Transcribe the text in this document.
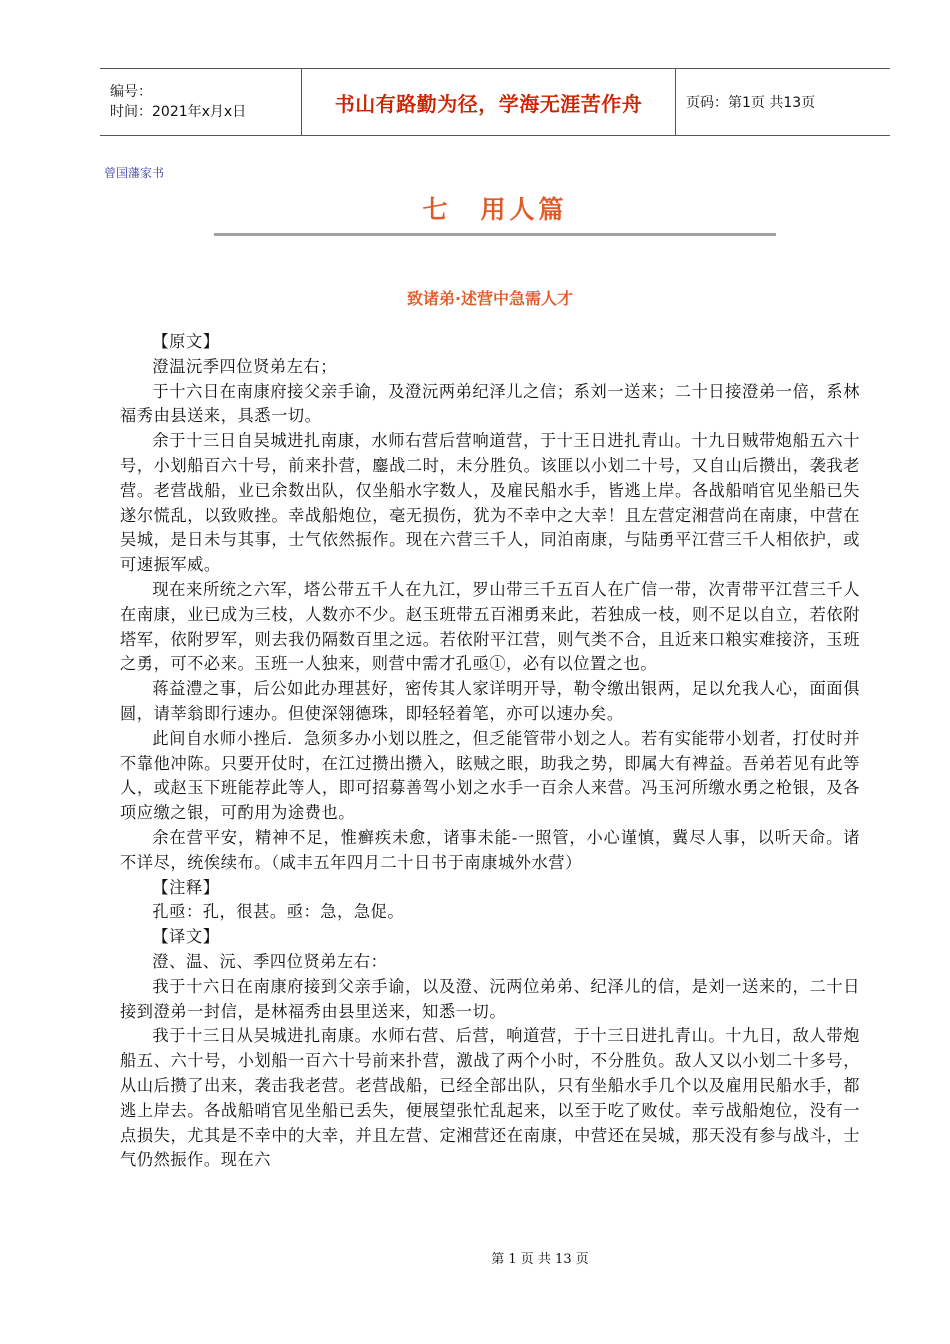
编号：
时间：2021年x月x日	书山有路勤为径，学海无涯苦作舟	页码：第1页 共13页
曾国藩家书
七　用人篇
致诸弟·述营中急需人才

【原文】

澄温沅季四位贤弟左右；

于十六日在南康府接父亲手谕，及澄沅两弟纪泽儿之信；系刘一送来；二十日接澄弟一倍，系林福秀由县送来，具悉一切。

余于十三日自吴城进扎南康，水师右营后营响道营，于十王日进扎青山。十九日贼带炮船五六十号，小划船百六十号，前来扑营，鏖战二时，未分胜负。该匪以小划二十号，又自山后攒出，袭我老营。老营战船，业已余数出队，仅坐船水字数人，及雇民船水手，皆逃上岸。各战船哨官见坐船已失遂尔慌乱，以致败挫。幸战船炮位，毫无损伤，犹为不幸中之大幸！且左营定湘营尚在南康，中营在吴城，是日未与其事，士气依然振作。现在六营三千人，同泊南康，与陆勇平江营三千人相依护，或可速振军威。

现在来所统之六军，塔公带五千人在九江，罗山带三千五百人在广信一带，次青带平江营三千人在南康，业已成为三枝，人数亦不少。赵玉班带五百湘勇来此，若独成一枝，则不足以自立，若依附塔军，依附罗军，则去我仍隔数百里之远。若依附平江营，则气类不合，且近来口粮实难接济，玉班之勇，可不必来。玉班一人独来，则营中需才孔亟①，必有以位置之也。

蒋益澧之事，后公如此办理甚好，密传其人家详明开导，勒令缴出银两，足以允我人心，面面俱圆，请莘翁即行速办。但使深翎德珠，即轻轻着笔，亦可以速办矣。

此间自水师小挫后．急须多办小划以胜之，但乏能管带小划之人。若有实能带小划者，打仗时并不靠他冲陈。只要开仗时，在江过攒出攒入，眩贼之眼，助我之势，即属大有裨益。吾弟若见有此等人，或赵玉下班能荐此等人，即可招募善驾小划之水手一百余人来营。冯玉河所缴水勇之枪银，及各项应缴之银，可酌用为途费也。

余在营平安，精神不足，惟癣疾未愈，诸事未能-一照管，小心谨慎，冀尽人事，以听天命。诸不详尽，统俟续布。（咸丰五年四月二十日书于南康城外水营）

【注释】

孔亟：孔，很甚。亟：急，急促。

【译文】

澄、温、沅、季四位贤弟左右：

我于十六日在南康府接到父亲手谕，以及澄、沅两位弟弟、纪泽儿的信，是刘一送来的，二十日接到澄弟一封信，是林福秀由县里送来，知悉一切。

我于十三日从吴城进扎南康。水师右营、后营，响道营，于十三日进扎青山。十九日，敌人带炮船五、六十号，小划船一百六十号前来扑营，激战了两个小时，不分胜负。敌人又以小划二十多号，从山后攒了出来，袭击我老营。老营战船，已经全部出队，只有坐船水手几个以及雇用民船水手，都逃上岸去。各战船哨官见坐船已丢失，便展望张忙乱起来，以至于吃了败仗。幸亏战船炮位，没有一点损失，尤其是不幸中的大幸，并且左营、定湘营还在南康，中营还在吴城，那天没有参与战斗，士气仍然振作。现在六

第 1 页 共 13 页
